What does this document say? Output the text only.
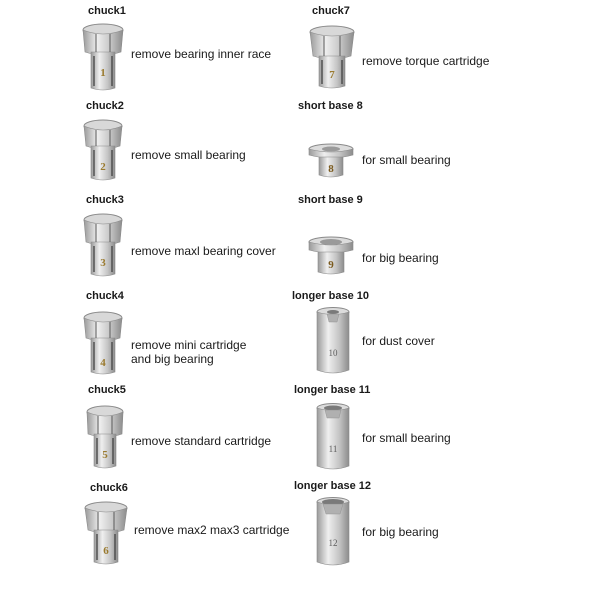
chuck1
1
remove bearing inner race
chuck2
2
remove small bearing
chuck3
3
remove maxl bearing cover
chuck4
4
remove mini cartridge
and big bearing
chuck5
5
remove standard cartridge
chuck6
6
remove max2 max3 cartridge
chuck7
7
remove torque cartridge
short base 8
8
for small bearing
short base 9
9 for big bearing
longer base 10
10
for dust cover
longer base 11
11
for small bearing
longer base 12
12
for big bearing
